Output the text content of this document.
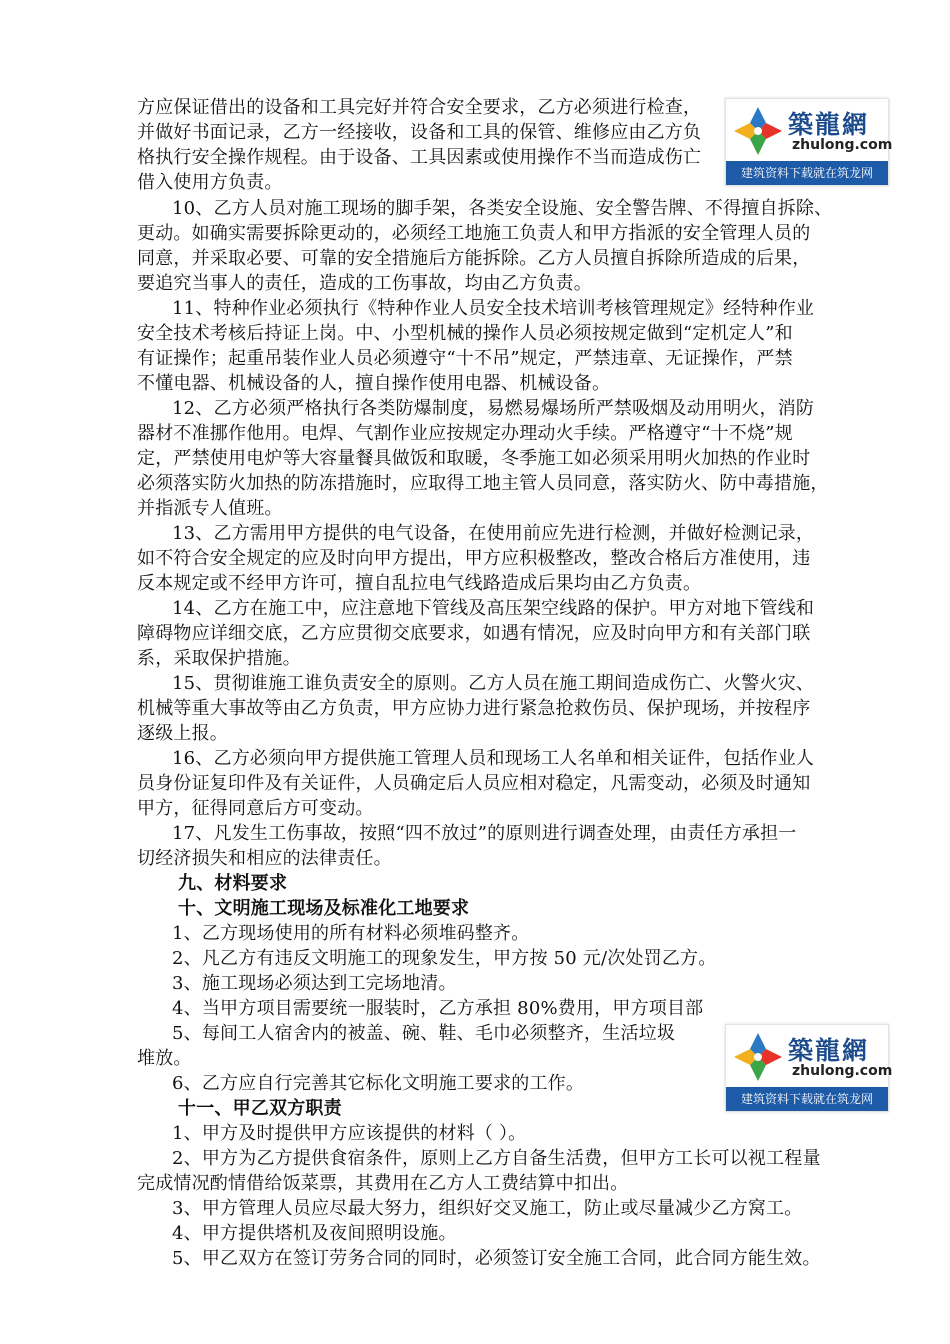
方应保证借出的设备和工具完好并符合安全要求，乙方必须进行检查，
并做好书面记录，乙方一经接收，设备和工具的保管、维修应由乙方负
格执行安全操作规程。由于设备、工具因素或使用操作不当而造成伤亡
借入使用方负责。
10、乙方人员对施工现场的脚手架，各类安全设施、安全警告牌、不得擅自拆除、
更动。如确实需要拆除更动的，必须经工地施工负责人和甲方指派的安全管理人员的
同意，并采取必要、可靠的安全措施后方能拆除。乙方人员擅自拆除所造成的后果，
要追究当事人的责任，造成的工伤事故，均由乙方负责。
11、特种作业必须执行《特种作业人员安全技术培训考核管理规定》经特种作业
安全技术考核后持证上岗。中、小型机械的操作人员必须按规定做到“定机定人”和
有证操作；起重吊装作业人员必须遵守“十不吊”规定，严禁违章、无证操作，严禁
不懂电器、机械设备的人，擅自操作使用电器、机械设备。
12、乙方必须严格执行各类防爆制度，易燃易爆场所严禁吸烟及动用明火，消防
器材不准挪作他用。电焊、气割作业应按规定办理动火手续。严格遵守“十不烧”规
定，严禁使用电炉等大容量餐具做饭和取暖，冬季施工如必须采用明火加热的作业时
必须落实防火加热的防冻措施时，应取得工地主管人员同意，落实防火、防中毒措施，
并指派专人值班。
13、乙方需用甲方提供的电气设备，在使用前应先进行检测，并做好检测记录，
如不符合安全规定的应及时向甲方提出，甲方应积极整改，整改合格后方准使用，违
反本规定或不经甲方许可，擅自乱拉电气线路造成后果均由乙方负责。
14、乙方在施工中，应注意地下管线及高压架空线路的保护。甲方对地下管线和
障碍物应详细交底，乙方应贯彻交底要求，如遇有情况，应及时向甲方和有关部门联
系，采取保护措施。
15、贯彻谁施工谁负责安全的原则。乙方人员在施工期间造成伤亡、火警火灾、
机械等重大事故等由乙方负责，甲方应协力进行紧急抢救伤员、保护现场，并按程序
逐级上报。
16、乙方必须向甲方提供施工管理人员和现场工人名单和相关证件，包括作业人
员身份证复印件及有关证件，人员确定后人员应相对稳定，凡需变动，必须及时通知
甲方，征得同意后方可变动。
17、凡发生工伤事故，按照“四不放过”的原则进行调查处理，由责任方承担一
切经济损失和相应的法律责任。
九、材料要求
十、文明施工现场及标准化工地要求
1、乙方现场使用的所有材料必须堆码整齐。
2、凡乙方有违反文明施工的现象发生，甲方按 50 元/次处罚乙方。
3、施工现场必须达到工完场地清。
4、当甲方项目需要统一服装时，乙方承担 80%费用，甲方项目部
5、每间工人宿舍内的被盖、碗、鞋、毛巾必须整齐，生活垃圾
堆放。
6、乙方应自行完善其它标化文明施工要求的工作。
十一、甲乙双方职责
1、甲方及时提供甲方应该提供的材料（ ）。
2、甲方为乙方提供食宿条件，原则上乙方自备生活费，但甲方工长可以视工程量
完成情况酌情借给饭菜票，其费用在乙方人工费结算中扣出。
3、甲方管理人员应尽最大努力，组织好交叉施工，防止或尽量减少乙方窝工。
4、甲方提供塔机及夜间照明设施。
5、甲乙双方在签订劳务合同的同时，必须签订安全施工合同，此合同方能生效。
築龍網
zhulong.com
建筑资料下载就在筑龙网
築龍網
zhulong.com
建筑资料下载就在筑龙网
